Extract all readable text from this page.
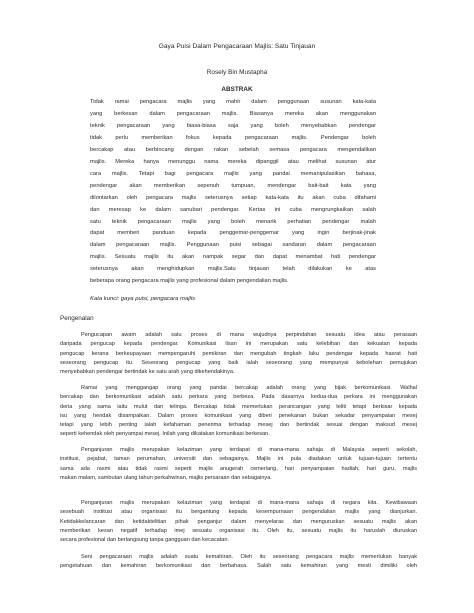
Gaya Puisi Dalam Pengacaraan Majlis: Satu Tinjauan
Rosely Bin Mustapha
ABSTRAK
Tidak ramai pengacara majlis yang mahir dalam penggunaan susunan kata-kata
yang berkesan dalam pengacaraan majlis. Biasanya mereka akan menggunakan
teknik pengacaraan yang biasa-biasa saja yang boleh menyebabkan pendengar
tidak perlu memberikan fokus kepada pengacaraan majlis. Pendengar boleh
bercakap atau berbincang dengan rakan sebelah semasa pengacara mengendalikan
majlis. Mereka hanya menunggu nama mereka dipanggil atau melihat susunan atur
cara majlis. Tetapi bagi pengacara majlis yang pandai memanipulasikan bahasa,
pendengar akan memberikan sepenuh tumpuan, mendengar bait-bait kata yang
dilontarkan oleh pengacara majlis seterusnya setiap kata-kata itu akan cuba difahami
dan meresap ke dalam sanubari pendengar. Kertas ini cuba mengrungkaikan salah
satu teknik pengacaraan majlis yang boleh menarik perhatian pendengar malah
dapat memberi panduan kepada penggemar-penggemar yang ingin berjinak-jinak
dalam pengacaraan majlis. Penggunaan puisi sebagai sandaran dalam pengacaraan
majlis. Sesuatu majlis itu akan nampak segar dan dapat menambat hati pendengar
seterusnya akan menghidupkan majlis.Satu tinjauan telah dilakukan ke atas
beberapa orang pengacara majlis yang profesional dalam pengendalian majlis.
Kata kunci: gaya puisi, pengacara majlis
Pengenalan
Pengucapan awam adalah satu proses di mana wujudnya perpindahan sesuatu idea atau perasaan
daripada pengucap kepada pendengar. Komunikasi lisan ini merupakan satu kelebihan dan kekuatan kepada
pengucap kerana berkeupayaan mempengaruhi pemikiran dan mengubah tingkah laku pendengar kepada hasrat hati
seseorang pengucap itu. Seseorang pengucap yang baik ialah seseorang yang mempunyai kebolehan pemujukan
menyebabkan pendengar bertindak ke satu arah yang dikehendakinya.
Ramai yang menggangap orang yang pandai bercakap adalah orang yang bijak berkomunikasi. Walhal
bercakap dan berkomunikasi adalah satu perkara yang berbeza. Pada dasarnya kedua-dua perkara ini menggunakan
deria yang sama iaitu mulut dan telinga. Bercakap tidak memerlukan perancangan yang teliti tetapi berkisar kepada
isu yang hendak disampaikan. Dalam proses komunikasi yang diberi penekanan bukan sekadar penyampaian mesej
tetapi yang lebih penting ialah kefahaman penerima terhadap mesej dan bertindak sesuai dengan maksud mesej
seperti kehendak oleh penyampai mesej. Inilah yang dikatakan komunikasi berkesan.
Penganjuran majlis merupakan kelaziman yang terdapat di mana-mana sahaja di Malaysia seperti sekolah,
institusi, pejabat, taman perumahan, universiti dan sebagainya. Majlis ini pula diadakan untuk tujuan-tujuan tertentu
sama ada rasmi atau tidak rasmi seperti majlis anugerah cemerlang, hari penyampaian hadiah, hari guru, majlis
makan malam, sambutan ulang tahun perkahwinan, majlis persaraan dan sebagainya.
Penganjuran majlis merupakan kelaziman yang terdapat di mana-mana sahaja di negara kita. Kewibawaan
sesebuah institusi atau organisasi itu bergantung kepada kesempurnaan pengendalian majlis yang dianjurkan.
Ketidakkelancaran dan ketidaktelitian pihak penganjur dalam menyelaras dan menguruskan sesuatu majlis akan
memberikan kesan negatif terhadap imej sesuatu organisasi itu. Oleh itu, sesuatu majlis itu haruslah diuruskan
secara profesional dan berlangsung tanpa gangguan dan kecacatan.
Seni pengacaraan majlis adalah suatu kemahiran. Oleh itu seseorang pengacara majlis memerlukan banyak
pengetahuan dan kemahiran berkomunikasi dan berbahasa. Salah satu kemahiran yang mesti dimiliki oleh
